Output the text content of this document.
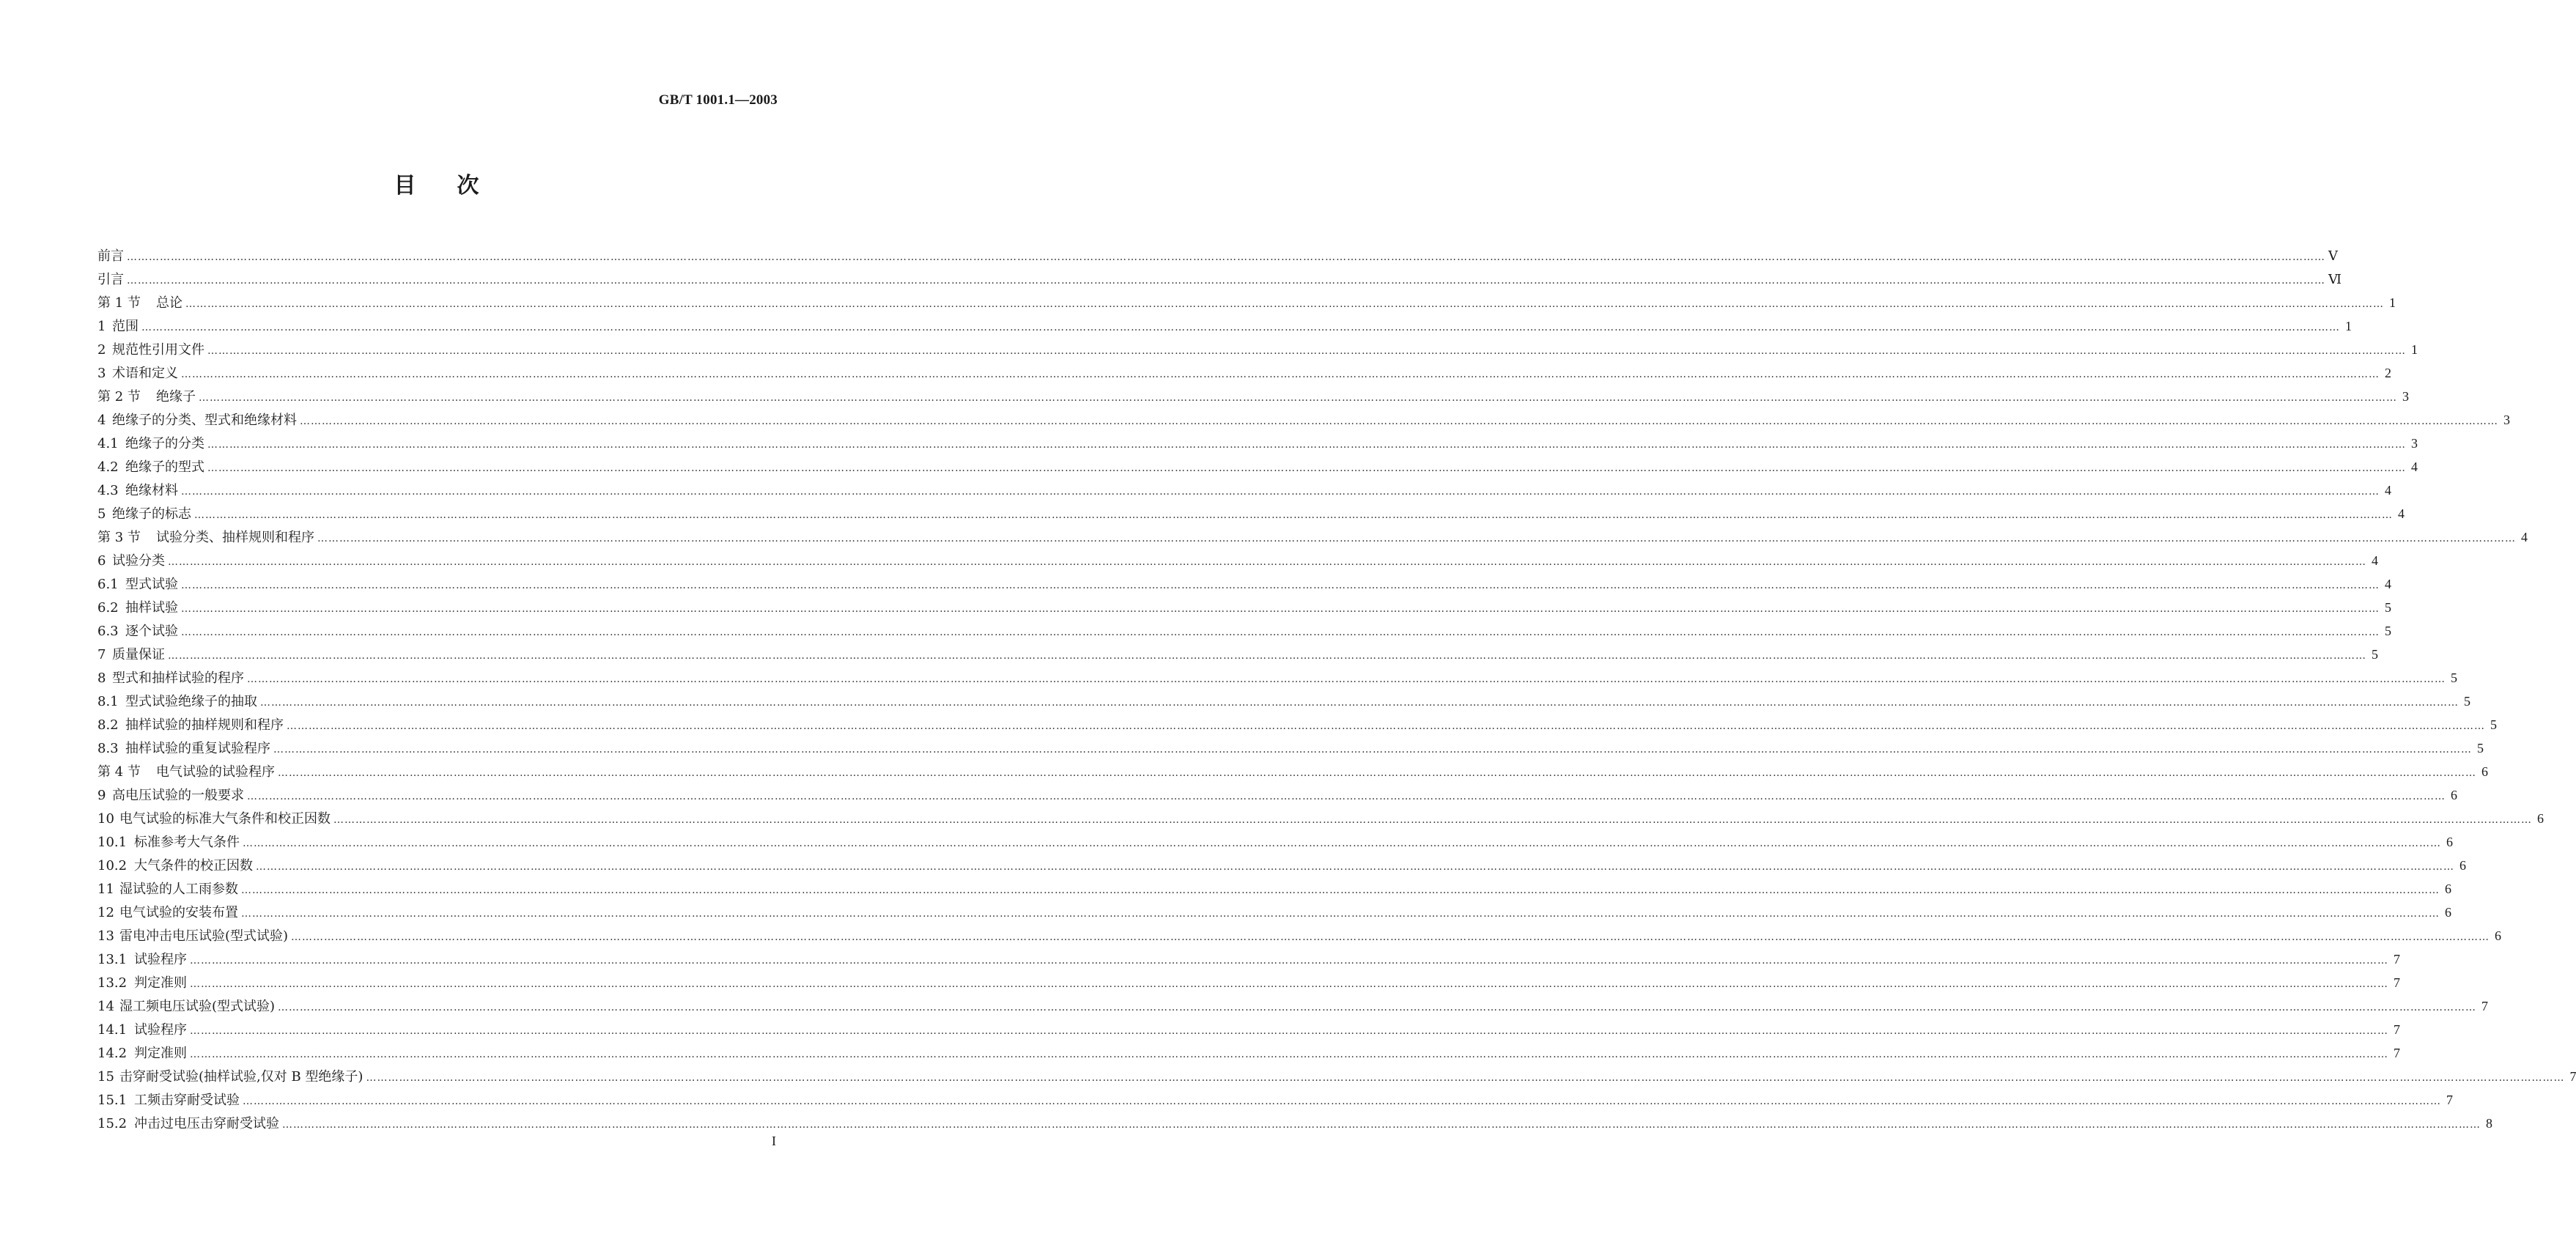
GB/T 1001.1—2003
目次
前言 …………………………………………………………………………………………………………………………………………………………………………………………………………………………………………………………………………………………………………………………………………………………………………………………………………………………………………………………………………………………………………………………………………………… Ⅴ
引言 …………………………………………………………………………………………………………………………………………………………………………………………………………………………………………………………………………………………………………………………………………………………………………………………………………………………………………………………………………………………………………………………………………………… Ⅵ
第 1 节	总论 …………………………………………………………………………………………………………………………………………………………………………………………………………………………………………………………………………………………………………………………………………………………………………………………………………………………………………………………………………………………………………………………………………………… 1
1 范围 …………………………………………………………………………………………………………………………………………………………………………………………………………………………………………………………………………………………………………………………………………………………………………………………………………………………………………………………………………………………………………………………………………………… 1
2 规范性引用文件 …………………………………………………………………………………………………………………………………………………………………………………………………………………………………………………………………………………………………………………………………………………………………………………………………………………………………………………………………………………………………………………………………………………… 1
3 术语和定义 …………………………………………………………………………………………………………………………………………………………………………………………………………………………………………………………………………………………………………………………………………………………………………………………………………………………………………………………………………………………………………………………………………………… 2
第 2 节	绝缘子 …………………………………………………………………………………………………………………………………………………………………………………………………………………………………………………………………………………………………………………………………………………………………………………………………………………………………………………………………………………………………………………………………………………… 3
4 绝缘子的分类、型式和绝缘材料 …………………………………………………………………………………………………………………………………………………………………………………………………………………………………………………………………………………………………………………………………………………………………………………………………………………………………………………………………………………………………………………………………………………… 3
4.1 绝缘子的分类 …………………………………………………………………………………………………………………………………………………………………………………………………………………………………………………………………………………………………………………………………………………………………………………………………………………………………………………………………………………………………………………………………………………… 3
4.2 绝缘子的型式 …………………………………………………………………………………………………………………………………………………………………………………………………………………………………………………………………………………………………………………………………………………………………………………………………………………………………………………………………………………………………………………………………………………… 4
4.3 绝缘材料 …………………………………………………………………………………………………………………………………………………………………………………………………………………………………………………………………………………………………………………………………………………………………………………………………………………………………………………………………………………………………………………………………………………… 4
5 绝缘子的标志 …………………………………………………………………………………………………………………………………………………………………………………………………………………………………………………………………………………………………………………………………………………………………………………………………………………………………………………………………………………………………………………………………………………… 4
第 3 节	试验分类、抽样规则和程序 …………………………………………………………………………………………………………………………………………………………………………………………………………………………………………………………………………………………………………………………………………………………………………………………………………………………………………………………………………………………………………………………………………………… 4
6 试验分类 …………………………………………………………………………………………………………………………………………………………………………………………………………………………………………………………………………………………………………………………………………………………………………………………………………………………………………………………………………………………………………………………………………………… 4
6.1 型式试验 …………………………………………………………………………………………………………………………………………………………………………………………………………………………………………………………………………………………………………………………………………………………………………………………………………………………………………………………………………………………………………………………………………………… 4
6.2 抽样试验 …………………………………………………………………………………………………………………………………………………………………………………………………………………………………………………………………………………………………………………………………………………………………………………………………………………………………………………………………………………………………………………………………………………… 5
6.3 逐个试验 …………………………………………………………………………………………………………………………………………………………………………………………………………………………………………………………………………………………………………………………………………………………………………………………………………………………………………………………………………………………………………………………………………………… 5
7 质量保证 …………………………………………………………………………………………………………………………………………………………………………………………………………………………………………………………………………………………………………………………………………………………………………………………………………………………………………………………………………………………………………………………………………………… 5
8 型式和抽样试验的程序 …………………………………………………………………………………………………………………………………………………………………………………………………………………………………………………………………………………………………………………………………………………………………………………………………………………………………………………………………………………………………………………………………………………… 5
8.1 型式试验绝缘子的抽取 …………………………………………………………………………………………………………………………………………………………………………………………………………………………………………………………………………………………………………………………………………………………………………………………………………………………………………………………………………………………………………………………………………………… 5
8.2 抽样试验的抽样规则和程序 …………………………………………………………………………………………………………………………………………………………………………………………………………………………………………………………………………………………………………………………………………………………………………………………………………………………………………………………………………………………………………………………………………………… 5
8.3 抽样试验的重复试验程序 …………………………………………………………………………………………………………………………………………………………………………………………………………………………………………………………………………………………………………………………………………………………………………………………………………………………………………………………………………………………………………………………………………………… 5
第 4 节	电气试验的试验程序 …………………………………………………………………………………………………………………………………………………………………………………………………………………………………………………………………………………………………………………………………………………………………………………………………………………………………………………………………………………………………………………………………………………… 6
9 高电压试验的一般要求 …………………………………………………………………………………………………………………………………………………………………………………………………………………………………………………………………………………………………………………………………………………………………………………………………………………………………………………………………………………………………………………………………………………… 6
10 电气试验的标准大气条件和校正因数 …………………………………………………………………………………………………………………………………………………………………………………………………………………………………………………………………………………………………………………………………………………………………………………………………………………………………………………………………………………………………………………………………………………… 6
10.1 标准参考大气条件 …………………………………………………………………………………………………………………………………………………………………………………………………………………………………………………………………………………………………………………………………………………………………………………………………………………………………………………………………………………………………………………………………………………… 6
10.2 大气条件的校正因数 …………………………………………………………………………………………………………………………………………………………………………………………………………………………………………………………………………………………………………………………………………………………………………………………………………………………………………………………………………………………………………………………………………………… 6
11 湿试验的人工雨参数 …………………………………………………………………………………………………………………………………………………………………………………………………………………………………………………………………………………………………………………………………………………………………………………………………………………………………………………………………………………………………………………………………………………… 6
12 电气试验的安装布置 …………………………………………………………………………………………………………………………………………………………………………………………………………………………………………………………………………………………………………………………………………………………………………………………………………………………………………………………………………………………………………………………………………………… 6
13 雷电冲击电压试验(型式试验) …………………………………………………………………………………………………………………………………………………………………………………………………………………………………………………………………………………………………………………………………………………………………………………………………………………………………………………………………………………………………………………………………………………… 6
13.1 试验程序 …………………………………………………………………………………………………………………………………………………………………………………………………………………………………………………………………………………………………………………………………………………………………………………………………………………………………………………………………………………………………………………………………………………… 7
13.2 判定准则 …………………………………………………………………………………………………………………………………………………………………………………………………………………………………………………………………………………………………………………………………………………………………………………………………………………………………………………………………………………………………………………………………………………… 7
14 湿工频电压试验(型式试验) …………………………………………………………………………………………………………………………………………………………………………………………………………………………………………………………………………………………………………………………………………………………………………………………………………………………………………………………………………………………………………………………………………………… 7
14.1 试验程序 …………………………………………………………………………………………………………………………………………………………………………………………………………………………………………………………………………………………………………………………………………………………………………………………………………………………………………………………………………………………………………………………………………………… 7
14.2 判定准则 …………………………………………………………………………………………………………………………………………………………………………………………………………………………………………………………………………………………………………………………………………………………………………………………………………………………………………………………………………………………………………………………………………………… 7
15 击穿耐受试验(抽样试验,仅对 B 型绝缘子) …………………………………………………………………………………………………………………………………………………………………………………………………………………………………………………………………………………………………………………………………………………………………………………………………………………………………………………………………………………………………………………………………………………… 7
15.1 工频击穿耐受试验 …………………………………………………………………………………………………………………………………………………………………………………………………………………………………………………………………………………………………………………………………………………………………………………………………………………………………………………………………………………………………………………………………………………… 7
15.2 冲击过电压击穿耐受试验 …………………………………………………………………………………………………………………………………………………………………………………………………………………………………………………………………………………………………………………………………………………………………………………………………………………………………………………………………………………………………………………………………………………… 8
I
